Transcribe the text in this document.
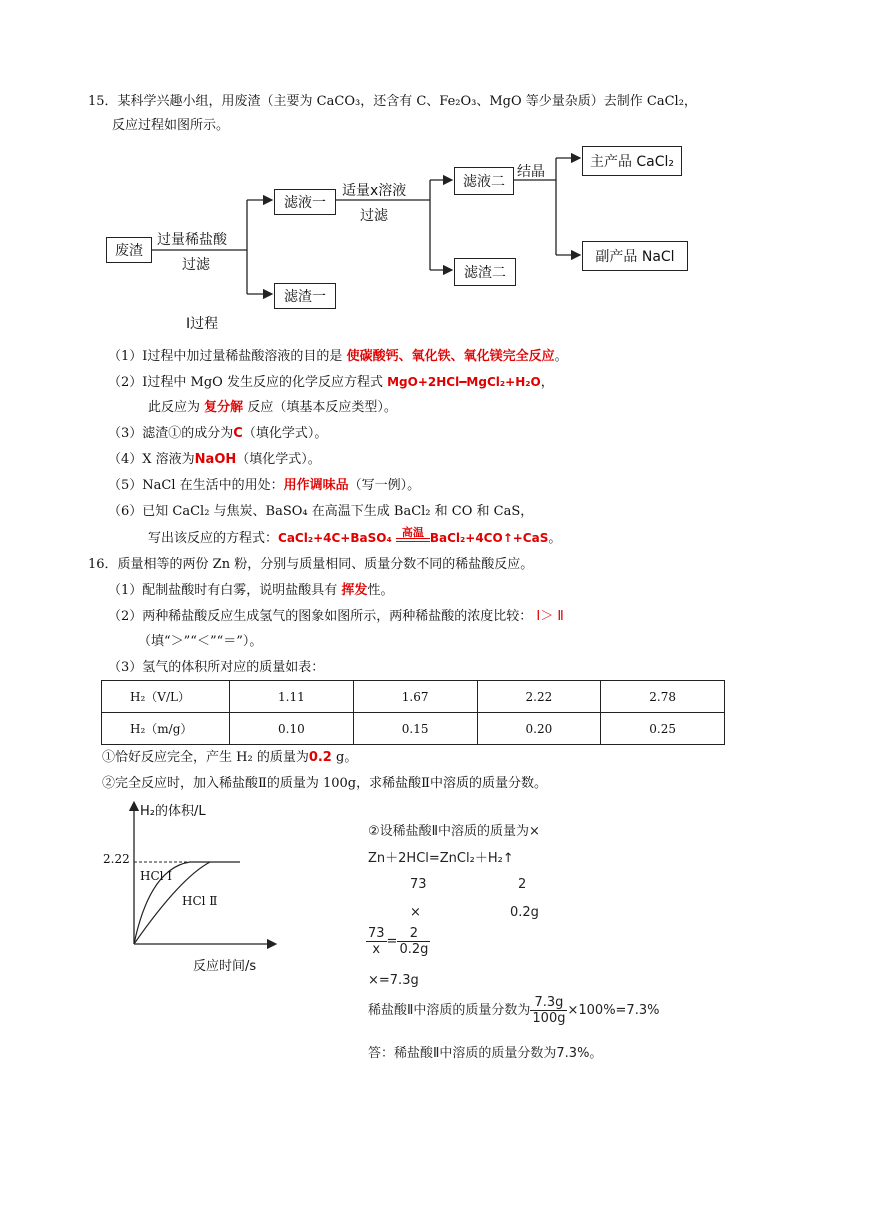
15．某科学兴趣小组，用废渣（主要为 CaCO₃，还含有 C、Fe₂O₃、MgO 等少量杂质）去制作 CaCl₂，
反应过程如图所示。
废渣
过量稀盐酸
过滤
滤液一
滤渣一
适量x溶液
过滤
滤液二
滤渣二
结晶
主产品 CaCl₂
副产品 NaCl
Ⅰ过程
（1）Ⅰ过程中加过量稀盐酸溶液的目的是 使碳酸钙、氧化铁、氧化镁完全反应。
（2）Ⅰ过程中 MgO 发生反应的化学反应方程式 MgO+2HCl━MgCl₂+H₂O，
此反应为 复分解 反应（填基本反应类型）。
（3）滤渣①的成分为C（填化学式）。
（4）X 溶液为NaOH（填化学式）。
（5）NaCl 在生活中的用处：用作调味品（写一例）。
（6）已知 CaCl₂ 与焦炭、BaSO₄ 在高温下生成 BaCl₂ 和 CO 和 CaS，
写出该反应的方程式：CaCl₂+4C+BaSO₄ 高温 BaCl₂+4CO↑+CaS。
16．质量相等的两份 Zn 粉，分别与质量相同、质量分数不同的稀盐酸反应。
（1）配制盐酸时有白雾，说明盐酸具有 挥发性。
（2）两种稀盐酸反应生成氢气的图象如图所示，两种稀盐酸的浓度比较： Ⅰ＞ Ⅱ
（填“＞”“＜”“＝”）。
（3）氢气的体积所对应的质量如表：
H₂（V/L）	1.11	1.67	2.22	2.78
H₂（m/g）	0.10	0.15	0.20	0.25
①恰好反应完全，产生 H₂ 的质量为0.2 g。
②完全反应时，加入稀盐酸Ⅱ的质量为 100g，求稀盐酸Ⅱ中溶质的质量分数。
H₂的体积/L
2.22
HCl Ⅰ
HCl Ⅱ
反应时间/s
②设稀盐酸Ⅱ中溶质的质量为×
Zn＋2HCl=ZnCl₂＋H₂↑
73	2
×	0.2g
$\frac{73}{x} = \frac{2}{0.2g}$
×=7.3g
稀盐酸Ⅱ中溶质的质量分数为 $\frac{7.3g}{100g} \times 100\%=7.3\%$
答：稀盐酸Ⅱ中溶质的质量分数为7.3%。
